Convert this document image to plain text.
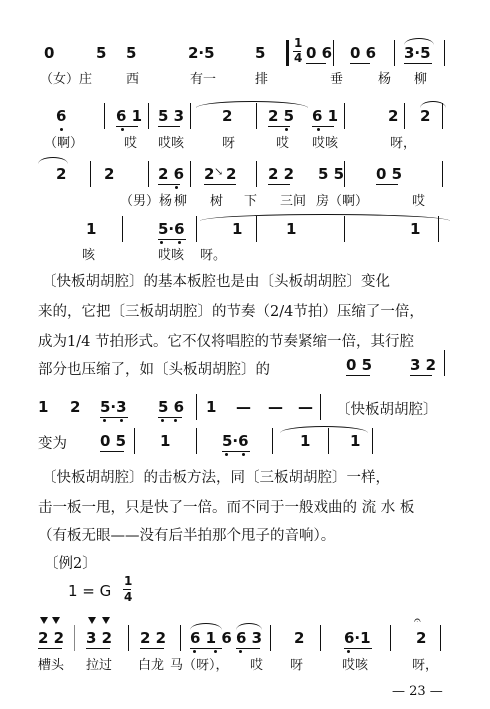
0	5 5	2·5	5
1
4 0 6 0 6 3·5
（女）庄	西	有一	排	垂	杨 柳
6	6 1 5 3	2 2 5 6 1	2 2
（啊）	哎 哎咳	呀	哎 哎咳	呀，
2	2	2 6 2 ↘ 2 2 2 5 5 0 5
（男）杨 柳 树 下 三间 房（啊）	哎
1	5·6	1	1	1
咳	哎咳 呀。
〔快板胡胡腔〕的基本板腔也是由〔头板胡胡腔〕变化
来的，它把〔三板胡胡腔〕的节奏（2/4节拍）压缩了一倍，
成为1/4 节拍形式。它不仅将唱腔的节奏紧缩一倍，其行腔
部分也压缩了，如〔头板胡胡腔〕的	0 5	3 2
1 2 5·3 5 6 1 — — — 〔快板胡胡腔〕
变为 0 5 1	5·6	1	1
〔快板胡胡腔〕的击板方法，同〔三板胡胡腔〕一样，
击一板一甩，只是快了一倍。而不同于一般戏曲的 流 水 板
（有板无眼——没有后半拍那个甩子的音响）。
〔例2〕
1 = G
1
4
2 2 3 2 2 2 6 1 6 6 3 2	6·1
𝄐
2
槽头 拉过 白龙 马（呀）， 哎 呀	哎咳	呀，
— 23 —
